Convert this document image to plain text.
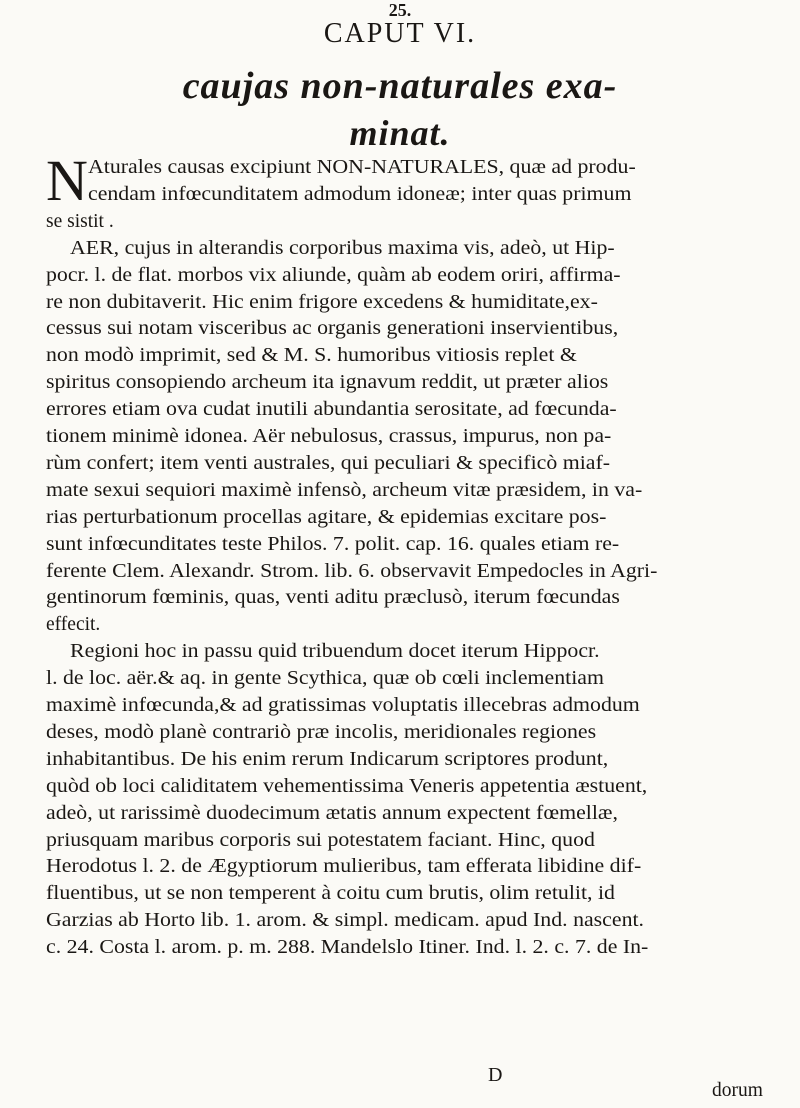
25.
CAPUT VI.
caujas non-naturales exa-
minat.
N Aturales causas excipiunt NON-NATURALES, quæ ad produ-
cendam infœcunditatem admodum idoneæ; inter quas primum
se sistit .
AER, cujus in alterandis corporibus maxima vis, adeò, ut Hip-
pocr. l. de flat. morbos vix aliunde, quàm ab eodem oriri, affirma-
re non dubitaverit. Hic enim frigore excedens & humiditate,ex-
cessus sui notam visceribus ac organis generationi inservientibus,
non modò imprimit, sed & M. S. humoribus vitiosis replet &
spiritus consopiendo archeum ita ignavum reddit, ut præter alios
errores etiam ova cudat inutili abundantia serositate, ad fœcunda-
tionem minimè idonea. Aër nebulosus, crassus, impurus, non pa-
rùm confert; item venti australes, qui peculiari & specificò miaf-
mate sexui sequiori maximè infensò, archeum vitæ præsidem, in va-
rias perturbationum procellas agitare, & epidemias excitare pos-
sunt infœcunditates teste Philos. 7. polit. cap. 16. quales etiam re-
ferente Clem. Alexandr. Strom. lib. 6. observavit Empedocles in Agri-
gentinorum fœminis, quas, venti aditu præclusò, iterum fœcundas
effecit.
Regioni hoc in passu quid tribuendum docet iterum Hippocr.
l. de loc. aër.& aq. in gente Scythica, quæ ob cœli inclementiam
maximè infœcunda,& ad gratissimas voluptatis illecebras admodum
deses, modò planè contrariò præ incolis, meridionales regiones
inhabitantibus. De his enim rerum Indicarum scriptores produnt,
quòd ob loci caliditatem vehementissima Veneris appetentia æstuent,
adeò, ut rarissimè duodecimum ætatis annum expectent fœmellæ,
priusquam maribus corporis sui potestatem faciant. Hinc, quod
Herodotus l. 2. de Ægyptiorum mulieribus, tam efferata libidine dif-
fluentibus, ut se non temperent à coitu cum brutis, olim retulit, id
Garzias ab Horto lib. 1. arom. & simpl. medicam. apud Ind. nascent.
c. 24. Costa l. arom. p. m. 288. Mandelslo Itiner. Ind. l. 2. c. 7. de In-
D
dorum
